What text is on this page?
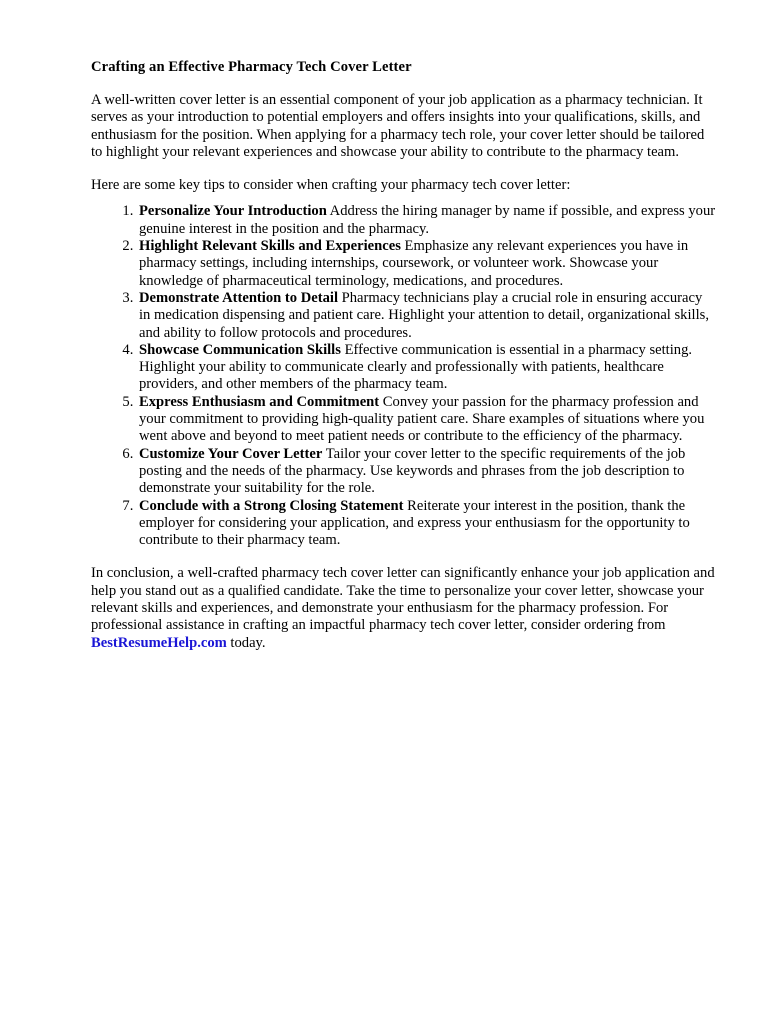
Crafting an Effective Pharmacy Tech Cover Letter

A well-written cover letter is an essential component of your job application as a pharmacy technician. It serves as your introduction to potential employers and offers insights into your qualifications, skills, and enthusiasm for the position. When applying for a pharmacy tech role, your cover letter should be tailored to highlight your relevant experiences and showcase your ability to contribute to the pharmacy team.

Here are some key tips to consider when crafting your pharmacy tech cover letter:

1. Personalize Your Introduction Address the hiring manager by name if possible, and express your genuine interest in the position and the pharmacy.
2. Highlight Relevant Skills and Experiences Emphasize any relevant experiences you have in pharmacy settings, including internships, coursework, or volunteer work. Showcase your knowledge of pharmaceutical terminology, medications, and procedures.
3. Demonstrate Attention to Detail Pharmacy technicians play a crucial role in ensuring accuracy in medication dispensing and patient care. Highlight your attention to detail, organizational skills, and ability to follow protocols and procedures.
4. Showcase Communication Skills Effective communication is essential in a pharmacy setting. Highlight your ability to communicate clearly and professionally with patients, healthcare providers, and other members of the pharmacy team.
5. Express Enthusiasm and Commitment Convey your passion for the pharmacy profession and your commitment to providing high-quality patient care. Share examples of situations where you went above and beyond to meet patient needs or contribute to the efficiency of the pharmacy.
6. Customize Your Cover Letter Tailor your cover letter to the specific requirements of the job posting and the needs of the pharmacy. Use keywords and phrases from the job description to demonstrate your suitability for the role.
7. Conclude with a Strong Closing Statement Reiterate your interest in the position, thank the employer for considering your application, and express your enthusiasm for the opportunity to contribute to their pharmacy team.

In conclusion, a well-crafted pharmacy tech cover letter can significantly enhance your job application and help you stand out as a qualified candidate. Take the time to personalize your cover letter, showcase your relevant skills and experiences, and demonstrate your enthusiasm for the pharmacy profession. For professional assistance in crafting an impactful pharmacy tech cover letter, consider ordering from BestResumeHelp.com today.
